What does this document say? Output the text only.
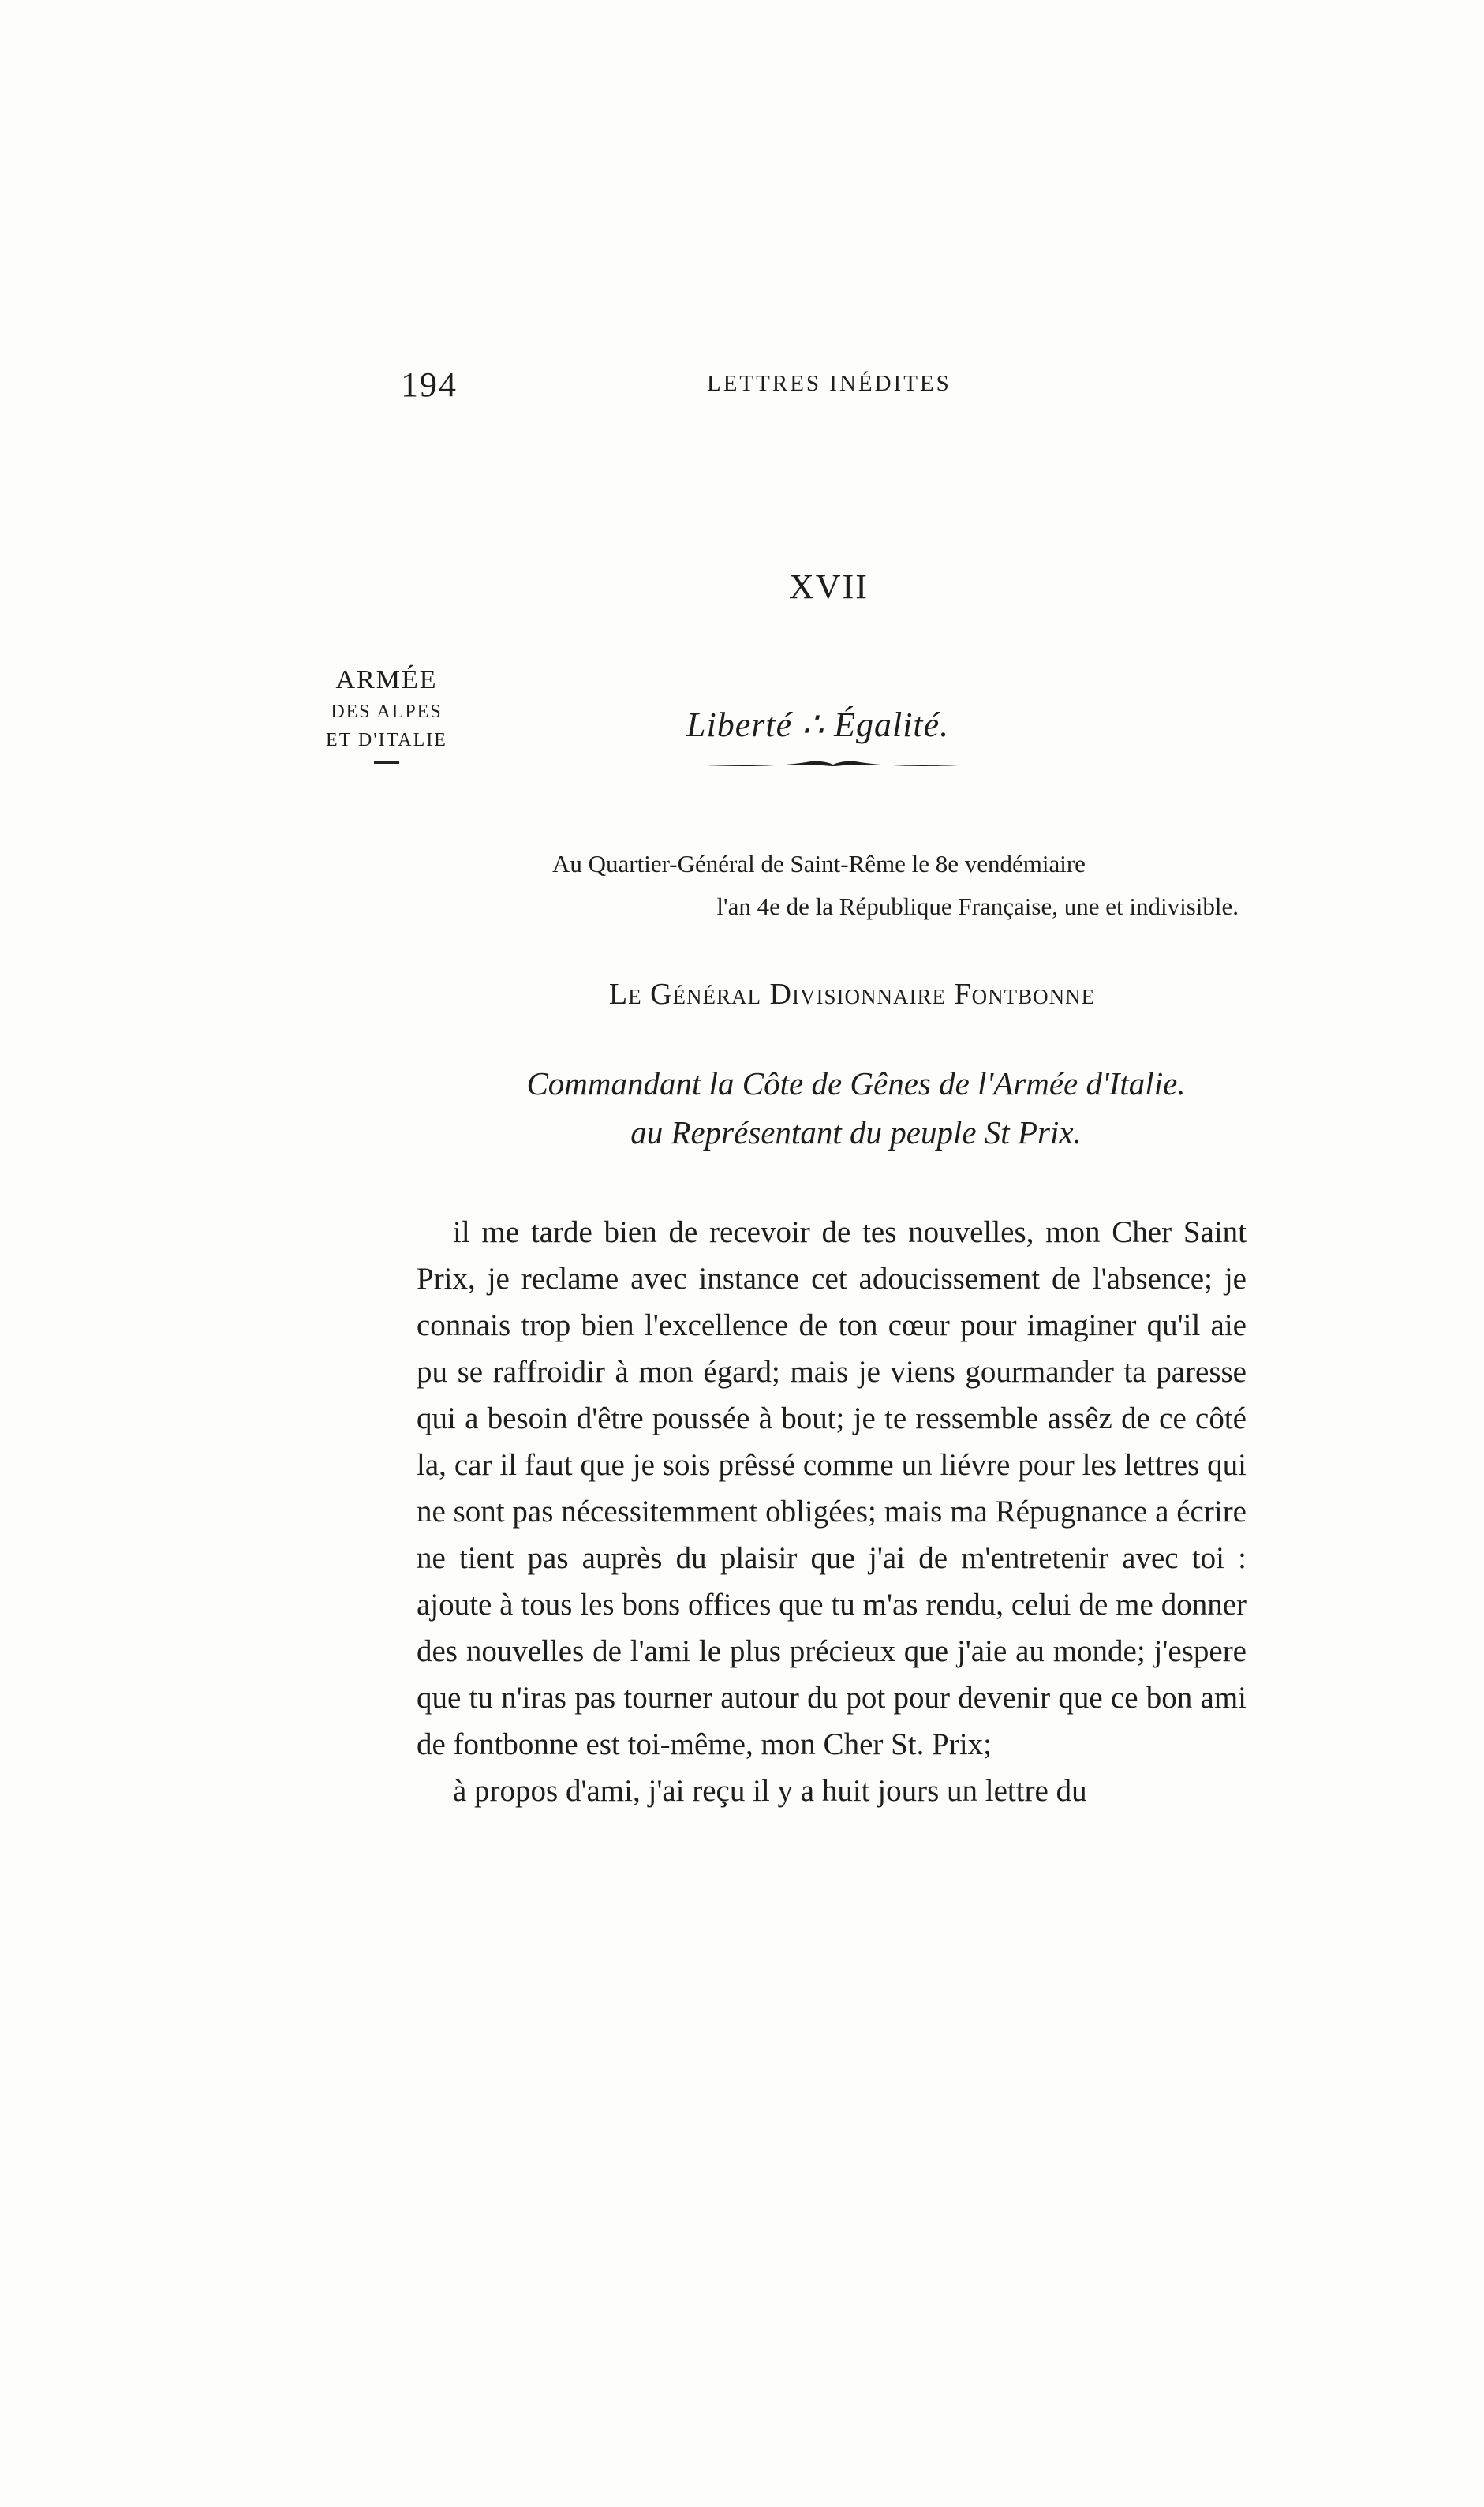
194	LETTRES INÉDITES
XVII
ARMÉE
DES ALPES
ET D'ITALIE	Liberté ∴ Égalité.
Au Quartier-Général de Saint-Rême le 8e vendémiaire
l'an 4e de la République Française, une et indivisible.
Le Général Divisionnaire Fontbonne
Commandant la Côte de Gênes de l'Armée d'Italie.
au Représentant du peuple St Prix.

il me tarde bien de recevoir de tes nouvelles, mon Cher Saint Prix, je reclame avec instance cet adoucissement de l'absence; je connais trop bien l'excellence de ton cœur pour imaginer qu'il aie pu se raffroidir à mon égard; mais je viens gourmander ta paresse qui a besoin d'être poussée à bout; je te ressemble assêz de ce côté la, car il faut que je sois prêssé comme un liévre pour les lettres qui ne sont pas nécessitemment obligées; mais ma Répugnance a écrire ne tient pas auprès du plaisir que j'ai de m'entretenir avec toi : ajoute à tous les bons offices que tu m'as rendu, celui de me donner des nouvelles de l'ami le plus précieux que j'aie au monde; j'espere que tu n'iras pas tourner autour du pot pour devenir que ce bon ami de fontbonne est toi-même, mon Cher St. Prix;

à propos d'ami, j'ai reçu il y a huit jours un lettre du
